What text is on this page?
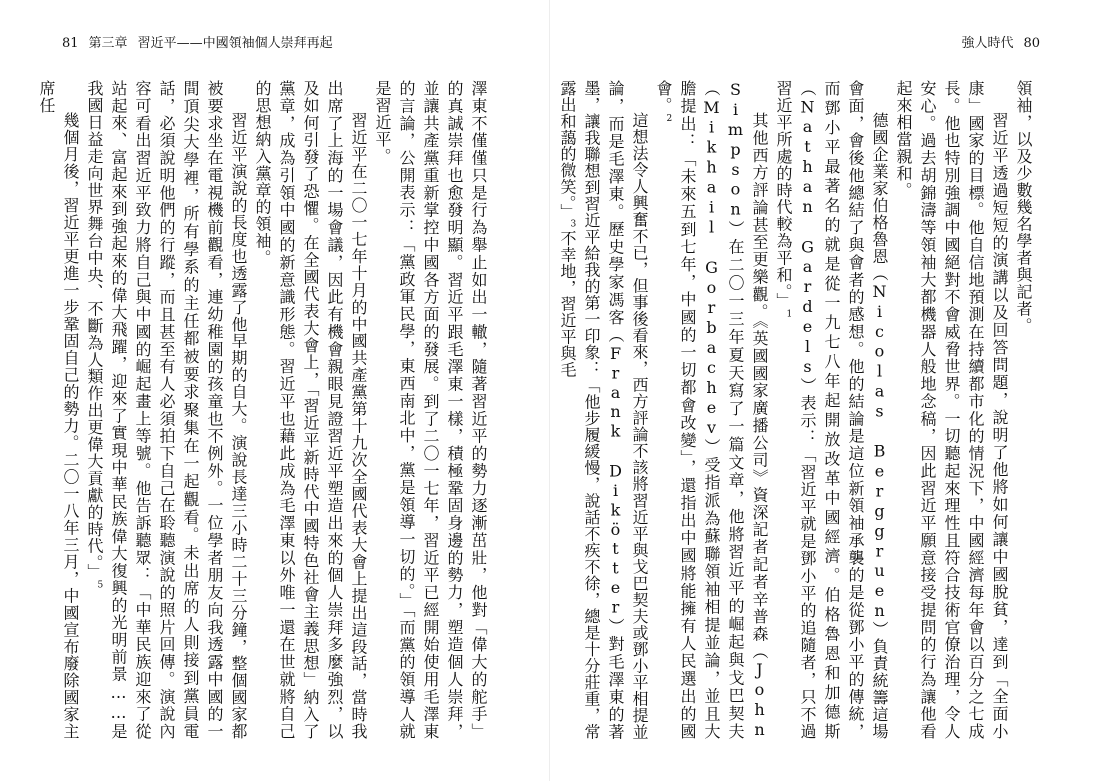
81 第三章 習近平——中國領袖個人崇拜再起

澤東不僅僅只是行為舉止如出一轍，隨著習近平的勢力逐漸茁壯，他對「偉大的舵手」的真誠崇拜也愈發明顯。習近平跟毛澤東一樣，積極鞏固身邊的勢力，塑造個人崇拜，並讓共產黨重新掌控中國各方面的發展。到了二〇一七年，習近平已經開始使用毛澤東的言論，公開表示：「黨政軍民學，東西南北中，黨是領導一切的。」「而黨的領導人就是習近平。

習近平在二〇一七年十月的中國共產黨第十九次全國代表大會上提出這段話，當時我出席了上海的一場會議，因此有機會親眼見證習近平塑造出來的個人崇拜多麼強烈，以及如何引發了恐懼。在全國代表大會上，「習近平新時代中國特色社會主義思想」納入了黨章，成為引領中國的新意識形態。習近平也藉此成為毛澤東以外唯一還在世就將自己的思想納入黨章的領袖。

習近平演說的長度也透露了他早期的自大。演說長達三小時二十三分鐘，整個國家都被要求坐在電視機前觀看，連幼稚園的孩童也不例外。一位學者朋友向我透露中國的一間頂尖大學裡，所有學系的主任都被要求聚集在一起觀看。未出席的人則接到黨員電話，必須說明他們的行蹤，而且甚至有人必須拍下自己在聆聽演說的照片回傳。演說內容可看出習近平致力將自己與中國的崛起畫上等號。他告訴聽眾：「中華民族迎來了從站起來、富起來到強起來的偉大飛躍，迎來了實現中華民族偉大復興的光明前景……是我國日益走向世界舞台中央、不斷為人類作出更偉大貢獻的時代。」$^5$

幾個月後，習近平更進一步鞏固自己的勢力。二〇一八年三月，中國宣布廢除國家主席任

強人時代 80

領袖，以及少數幾名學者與記者。

習近平透過短短的演講以及回答問題，說明了他將如何讓中國脫貧，達到「全面小康」國家的目標。他自信地預測在持續都市化的情況下，中國經濟每年會以百分之七成長。他也特別強調中國絕對不會威脅世界。一切聽起來理性且符合技術官僚治理，令人安心。過去胡錦濤等領袖大都機器人般地念稿，因此習近平願意接受提問的行為讓他看起來相當親和。

德國企業家伯格魯恩（Nicolas Berggruen）負責統籌這場會面，會後他總結了與會者的感想。他的結論是這位新領袖承襲的是從鄧小平的傳統，而鄧小平最著名的就是從一九七八年起開放改革中國經濟。伯格魯恩和加德斯（Nathan Gardels）表示：「習近平就是鄧小平的追隨者，只不過習近平所處的時代較為平和。」$^1$

其他西方評論甚至更樂觀。《英國國家廣播公司》資深記者記者辛普森（John Simpson）在二〇一三年夏天寫了一篇文章，他將習近平的崛起與戈巴契夫（Mikhail Gorbachev）受指派為蘇聯領袖相提並論，並且大膽提出：「未來五到七年，中國的一切都會改變」，還指出中國將能擁有人民選出的國會。$^2$

這想法令人興奮不已，但事後看來，西方評論不該將習近平與戈巴契夫或鄧小平相提並論，而是毛澤東。歷史學家馮客（Frank Dikötter）對毛澤東的著墨，讓我聯想到習近平給我的第一印象：「他步履緩慢，說話不疾不徐，總是十分莊重，常露出和藹的微笑。」$^3$不幸地，習近平與毛
